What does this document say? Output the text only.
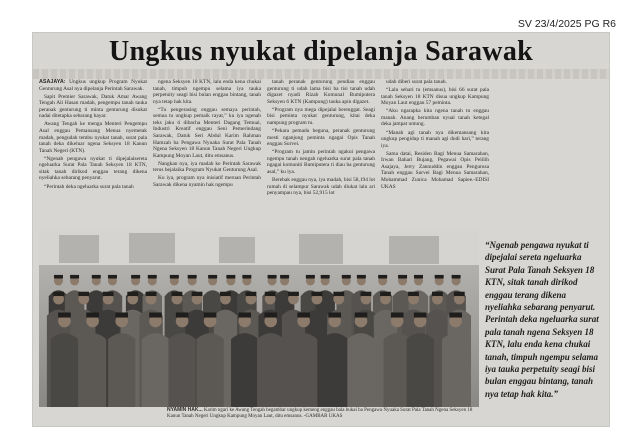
SV 23/4/2025 PG R6
Ungkus nyukat dipelanja Sarawak

ASAJAYA: Ungkus ungkup Program Nyukat Genturung Asal nya dipelanja Perintah Sarawak.

Sapit Premier Sarawak, Datuk Amar Awang Tengah Ali Hasan madah, pengempu tanah tauka peranak genturung ti minta genturung disukat nadai ditetapka sebarang bayar.

Awang Tengah ke menga Menteri Pengempu Asal enggau Pemansang Menua nyemetak madah, pengudah tembu nyukat tanah, surat pala tanah deka dikeluar ngena Seksyen 18 Kanun Tanah Negeri (KTN).

“Ngenab pengawa nyukat ti dipejalaisereta ngeluarka Surat Pala Tanah Seksyen 18 KTN, sitak tanah dirikod enggau terang dikena nyeliahka sebarang penyarut.

“Perintah deka ngeluarka surat pala tanah

ngena Seksyen 18 KTN, lalu enda kena chukai tanah, timpuh ngempu selama iya tauka perpetuity seagi bisi bulan enggau bintang, tanah nya tetap hak kita.

“Tu pengerasing enggau semaya perintah, semua tu ungkup pemaik rayat,” ku iya ngenab teks jaku ti dibacha Menteri Dagang Temuai, Industri Kreatif enggau Seni Pemerindang Sarawak, Datuk Seri Abdul Karim Rahman Hamzah ba Pengawa Nyuaka Surat Pala Tanah Ngena Seksyen 18 Kanun Tanah Negeri Ungkup Kampung Moyan Laut, ditu emsanus.

Nangkan nya, iya madah ke Perintah Sarawak terus bejalaika Program Nyukat Genturung Asal.

Ku iya, program nya inisiatif meruan Perintah Sarawak dikena nyamin hak ngempu

tanah peranak genturung pendiau enggau genturung ti udah lama bisi ba tisi tanah udah digazet nyadi Rizab Komunal Bumiputera Seksyen 6 KTN (Kampung) tauka apin digazet.

“Program nya mega dipejalai berenggat. Seagi bisi peminta nyukat genturung, kitai deka nampung program tu.

“Pekara pemadu beguna, peranak genturung mesti nganjung peminta ngagai Opis Tanah enggau Survei.

“Program tu jamin perintah ngakui pengawa ngempu tanah nengah ngeluarka surat pala tanah ngagai komuniti Bumiputera ti diau ba genturung asal,” ku iya.

Berebak enggau nya, iya madah, bisi 58,194 lot rumah di selampur Sarawak udah diukat lalu ari penyampau nya, bisi 52,915 lot

udah diberi surat pala tanah.

“Lalu sehari tu (emsanus), bisi 66 surat pala tanah Seksyen 18 KTN disua ungkup Kampung Moyan Laut enggau 57 peminta.

“Aku ngarapka kita ngena tanah tu enggau manah. Anang berumban nyual tanah ketegal deka jampat untung.

“Manah agi tanah nya dikemansang kita ungkup pengidup ti manah agi dudi hari,” terang iya.

Sama datai, Residen Bagi Menua Samarahan, Irwan Bahari Bujang, Pegawai Opis Pelilih Asajaya, Jerry Zannuddin enggau Pengurusa Tanah enggau Survei Bagi Menua Samarahan, Mohammad Zunica Mohamad Sapiee.-EDISI UKAS

NYAMIN HAK... Karim ngari ke Awang Tengah begambar ungkup kemeng enggau bala bukai ba Pengawa Nyuaka Surat Pala Tanah Ngena Seksyen 18 Kanun Tanah Negeri Ungkup Kampung Moyan Laut, ditu emsanus. -GAMBAR UKAS
“Ngenab pengawa nyukat ti dipejalai sereta ngeluarka Surat Pala Tanah Seksyen 18 KTN, sitak tanah dirikod enggau terang dikena nyeliahka sebarang penyarut. Perintah deka ngeluarka surat pala tanah ngena Seksyen 18 KTN, lalu enda kena chukai tanah, timpuh ngempu selama iya tauka perpetuity seagi bisi bulan enggau bintang, tanah nya tetap hak kita.”
